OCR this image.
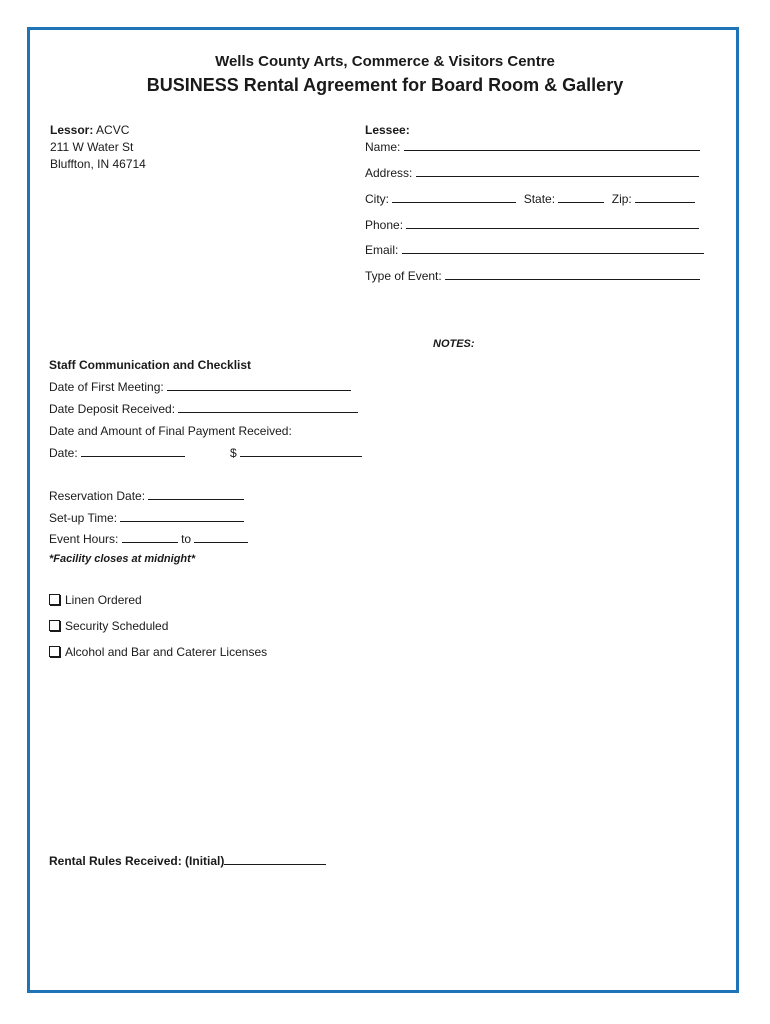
Wells County Arts, Commerce & Visitors Centre
BUSINESS Rental Agreement for Board Room & Gallery
Lessor: ACVC
211 W Water St
Bluffton, IN 46714
Lessee:
Name:
Address:
City:	State:	Zip:
Phone:
Email:
Type of Event:
NOTES:
Staff Communication and Checklist
Date of First Meeting:
Date Deposit Received:
Date and Amount of Final Payment Received:
Date:	$
Reservation Date:
Set-up Time:
Event Hours:	to
*Facility closes at midnight*
Linen Ordered
Security Scheduled
Alcohol and Bar and Caterer Licenses
Rental Rules Received: (Initial)
